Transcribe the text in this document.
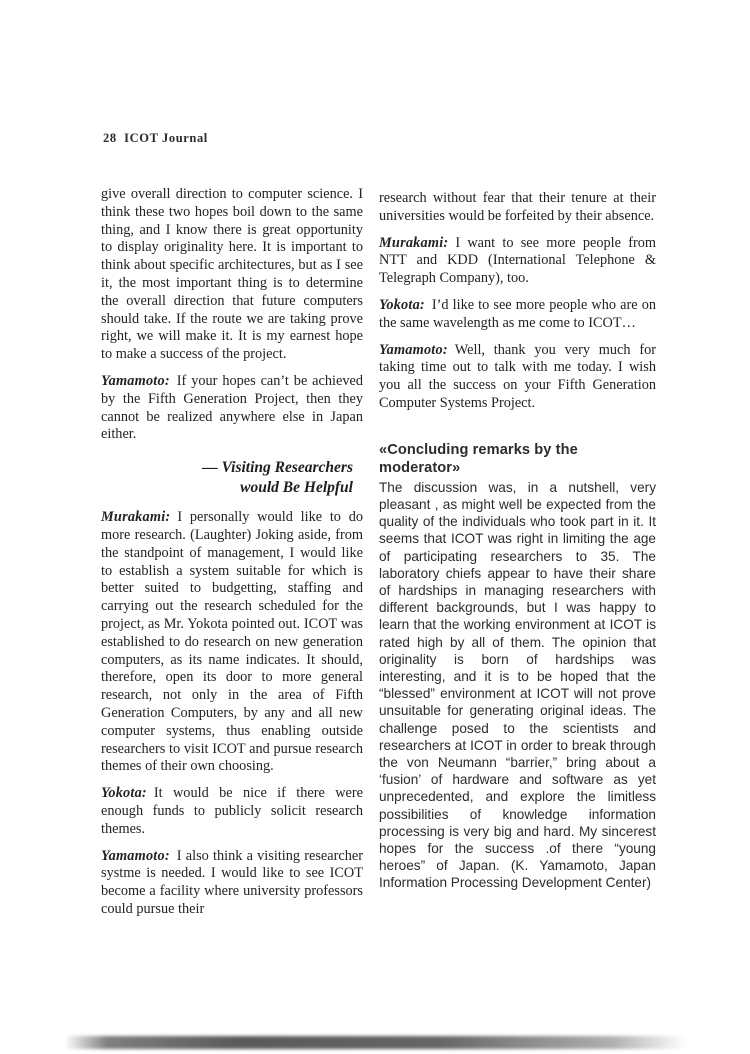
28  ICOT Journal

give overall direction to computer science. I think these two hopes boil down to the same thing, and I know there is great opportunity to display originality here. It is important to think about specific architectures, but as I see it, the most important thing is to determine the overall direction that future computers should take. If the route we are taking prove right, we will make it. It is my earnest hope to make a success of the project.

Yamamoto: If your hopes can’t be achieved by the Fifth Generation Project, then they cannot be realized anywhere else in Japan either.

— Visiting Researchers
would Be Helpful

Murakami: I personally would like to do more research. (Laughter) Joking aside, from the standpoint of management, I would like to establish a system suitable for which is better suited to budgetting, staffing and carrying out the research scheduled for the project, as Mr. Yokota pointed out. ICOT was established to do research on new generation computers, as its name indicates. It should, therefore, open its door to more general research, not only in the area of Fifth Generation Computers, by any and all new computer systems, thus enabling outside researchers to visit ICOT and pursue research themes of their own choosing.

Yokota: It would be nice if there were enough funds to publicly solicit research themes.

Yamamoto: I also think a visiting researcher systme is needed. I would like to see ICOT become a facility where university professors could pursue their

research without fear that their tenure at their universities would be forfeited by their absence.

Murakami: I want to see more people from NTT and KDD (International Telephone & Telegraph Company), too.

Yokota: I’d like to see more people who are on the same wavelength as me come to ICOT…

Yamamoto: Well, thank you very much for taking time out to talk with me today. I wish you all the success on your Fifth Generation Computer Systems Project.

«Concluding remarks by the moderator»
The discussion was, in a nutshell, very pleasant , as might well be expected from the quality of the individuals who took part in it. It seems that ICOT was right in limiting the age of participating researchers to 35. The laboratory chiefs appear to have their share of hardships in managing researchers with different backgrounds, but I was happy to learn that the working environment at ICOT is rated high by all of them. The opinion that originality is born of hardships was interesting, and it is to be hoped that the “blessed” environment at ICOT will not prove unsuitable for generating original ideas. The challenge posed to the scientists and researchers at ICOT in order to break through the von Neumann “barrier,” bring about a ‘fusion’ of hardware and software as yet unprecedented, and explore the limitless possibilities of knowledge information processing is very big and hard. My sincerest hopes for the success .of there “young heroes” of Japan. (K. Yamamoto, Japan Information Processing Development Center)
